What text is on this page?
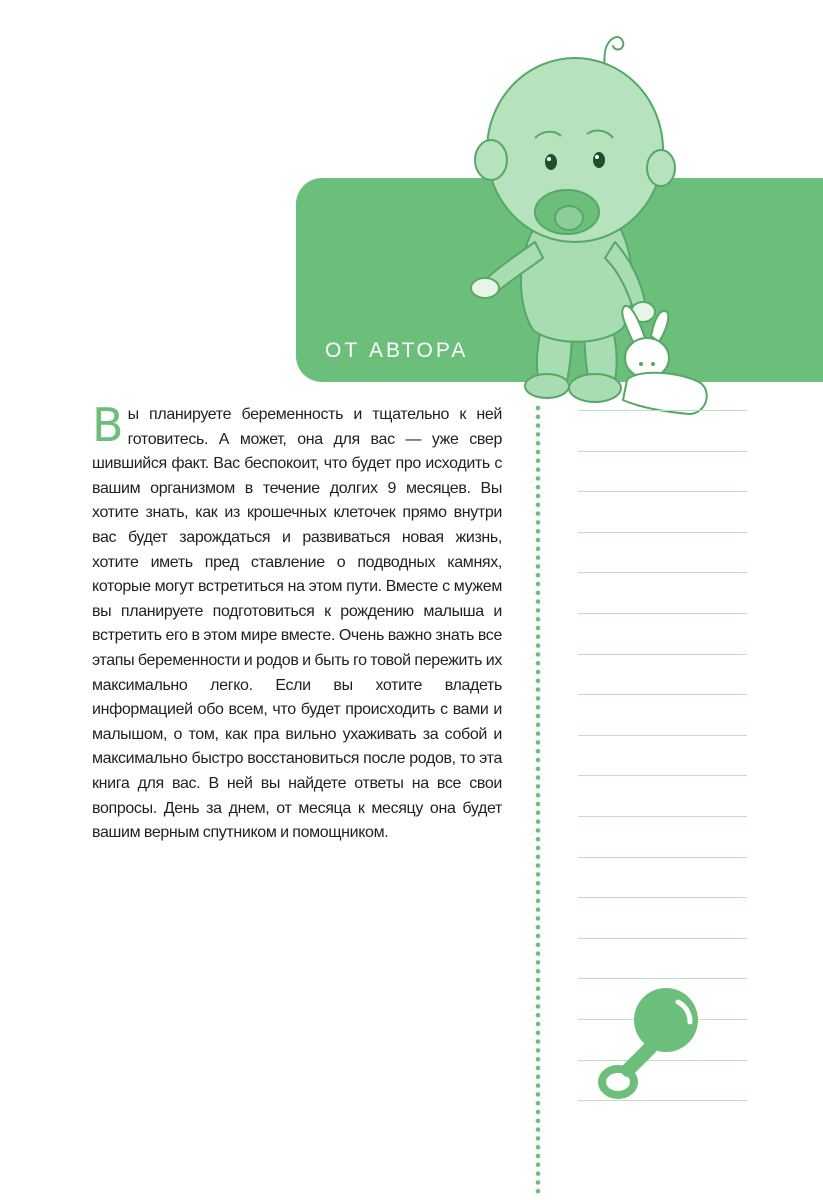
ОТ АВТОРА
В ы планируете беременность и тщательно к ней готовитесь. А может, она для вас — уже свер шившийся факт. Вас беспокоит, что будет про исходить с вашим организмом в течение долгих 9 месяцев. Вы хотите знать, как из крошечных клеточек прямо внутри вас будет зарождаться и развиваться новая жизнь, хотите иметь пред ставление о подводных камнях, которые могут встретиться на этом пути. Вместе с мужем вы планируете подготовиться к рождению малыша и встретить его в этом мире вместе. Очень важно знать все этапы беременности и родов и быть го товой пережить их максимально легко. Если вы хотите владеть информацией обо всем, что будет происходить с вами и малышом, о том, как пра вильно ухаживать за собой и максимально быстро восстановиться после родов, то эта книга для вас. В ней вы найдете ответы на все свои вопросы. День за днем, от месяца к месяцу она будет вашим верным спутником и помощником.
